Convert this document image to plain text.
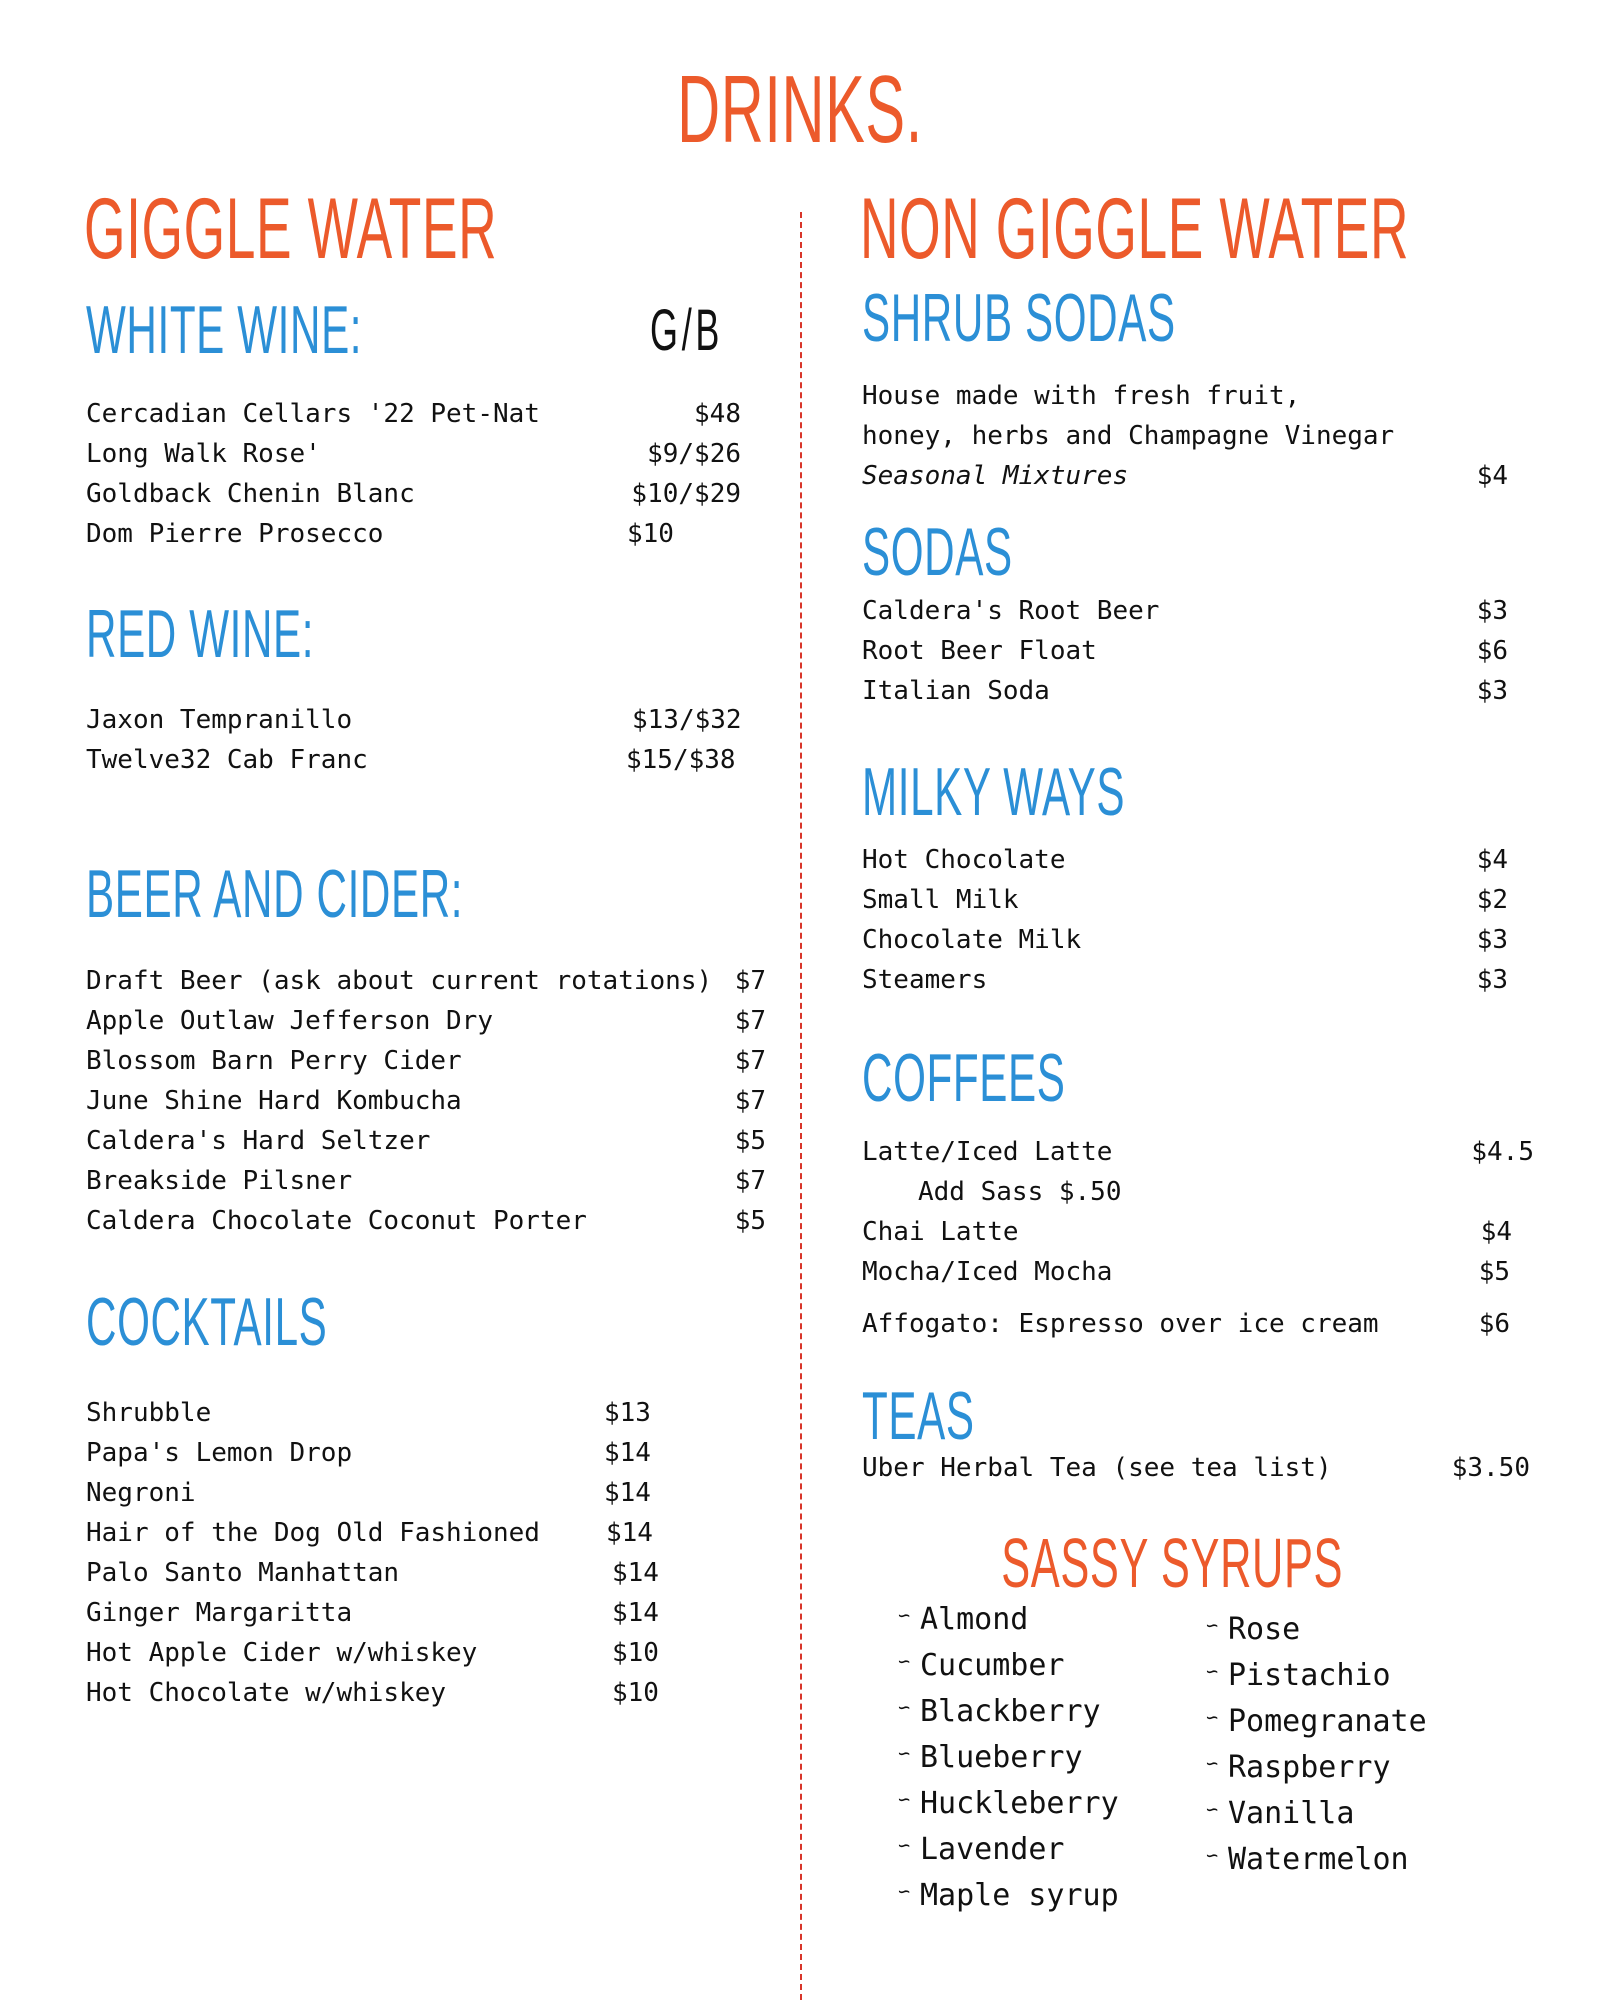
DRINKS.
GIGGLE WATER
WHITE WINE:	G/B
Cercadian Cellars '22 Pet-Nat	$48
Long Walk Rose'	$9/$26
Goldback Chenin Blanc	$10/$29
Dom Pierre Prosecco	$10
RED WINE:
Jaxon Tempranillo	$13/$32
Twelve32 Cab Franc	$15/$38
BEER AND CIDER:
Draft Beer (ask about current rotations) $7
Apple Outlaw Jefferson Dry	$7
Blossom Barn Perry Cider	$7
June Shine Hard Kombucha	$7
Caldera's Hard Seltzer	$5
Breakside Pilsner	$7
Caldera Chocolate Coconut Porter	$5
COCKTAILS
Shrubble	$13
Papa's Lemon Drop	$14
Negroni	$14
Hair of the Dog Old Fashioned	$14
Palo Santo Manhattan	$14
Ginger Margaritta	$14
Hot Apple Cider w/whiskey	$10
Hot Chocolate w/whiskey	$10
NON GIGGLE WATER
SHRUB SODAS
House made with fresh fruit,
honey, herbs and Champagne Vinegar
Seasonal Mixtures	$4
SODAS
Caldera's Root Beer	$3
Root Beer Float	$6
Italian Soda	$3
MILKY WAYS
Hot Chocolate	$4
Small Milk	$2
Chocolate Milk	$3
Steamers	$3
COFFEES
Latte/Iced Latte	$4.5
Add Sass $.50
Chai Latte	$4
Mocha/Iced Mocha	$5
Affogato: Espresso over ice cream	$6
TEAS
Uber Herbal Tea (see tea list)	$3.50
SASSY SYRUPS
∽ Almond
∽ Cucumber
∽ Blackberry
∽ Blueberry
∽ Huckleberry
∽ Lavender
∽ Maple syrup
∽ Rose
∽ Pistachio
∽ Pomegranate
∽ Raspberry
∽ Vanilla
∽ Watermelon
